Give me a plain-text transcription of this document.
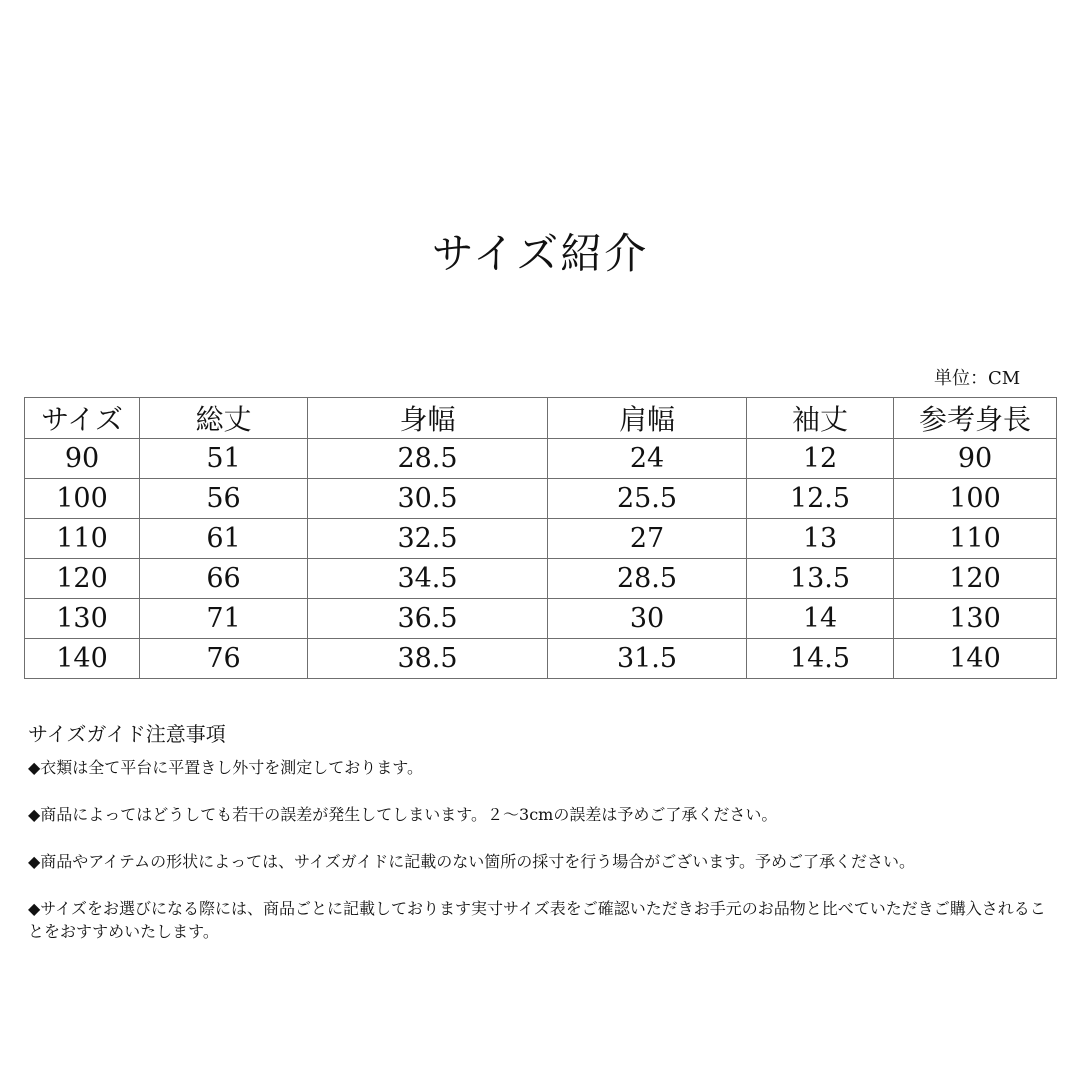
サイズ紹介
単位：CM
サイズ	総丈	身幅	肩幅	袖丈	参考身長
90	51	28.5	24	12	90
100	56	30.5	25.5	12.5	100
110	61	32.5	27	13	110
120	66	34.5	28.5	13.5	120
130	71	36.5	30	14	130
140	76	38.5	31.5	14.5	140
サイズガイド注意事項

◆衣類は全て平台に平置きし外寸を測定しております。

◆商品によってはどうしても若干の誤差が発生してしまいます。２～3cmの誤差は予めご了承ください。

◆商品やアイテムの形状によっては、サイズガイドに記載のない箇所の採寸を行う場合がございます。予めご了承ください。

◆サイズをお選びになる際には、商品ごとに記載しております実寸サイズ表をご確認いただきお手元のお品物と比べていただきご購入されることをおすすめいたします。
